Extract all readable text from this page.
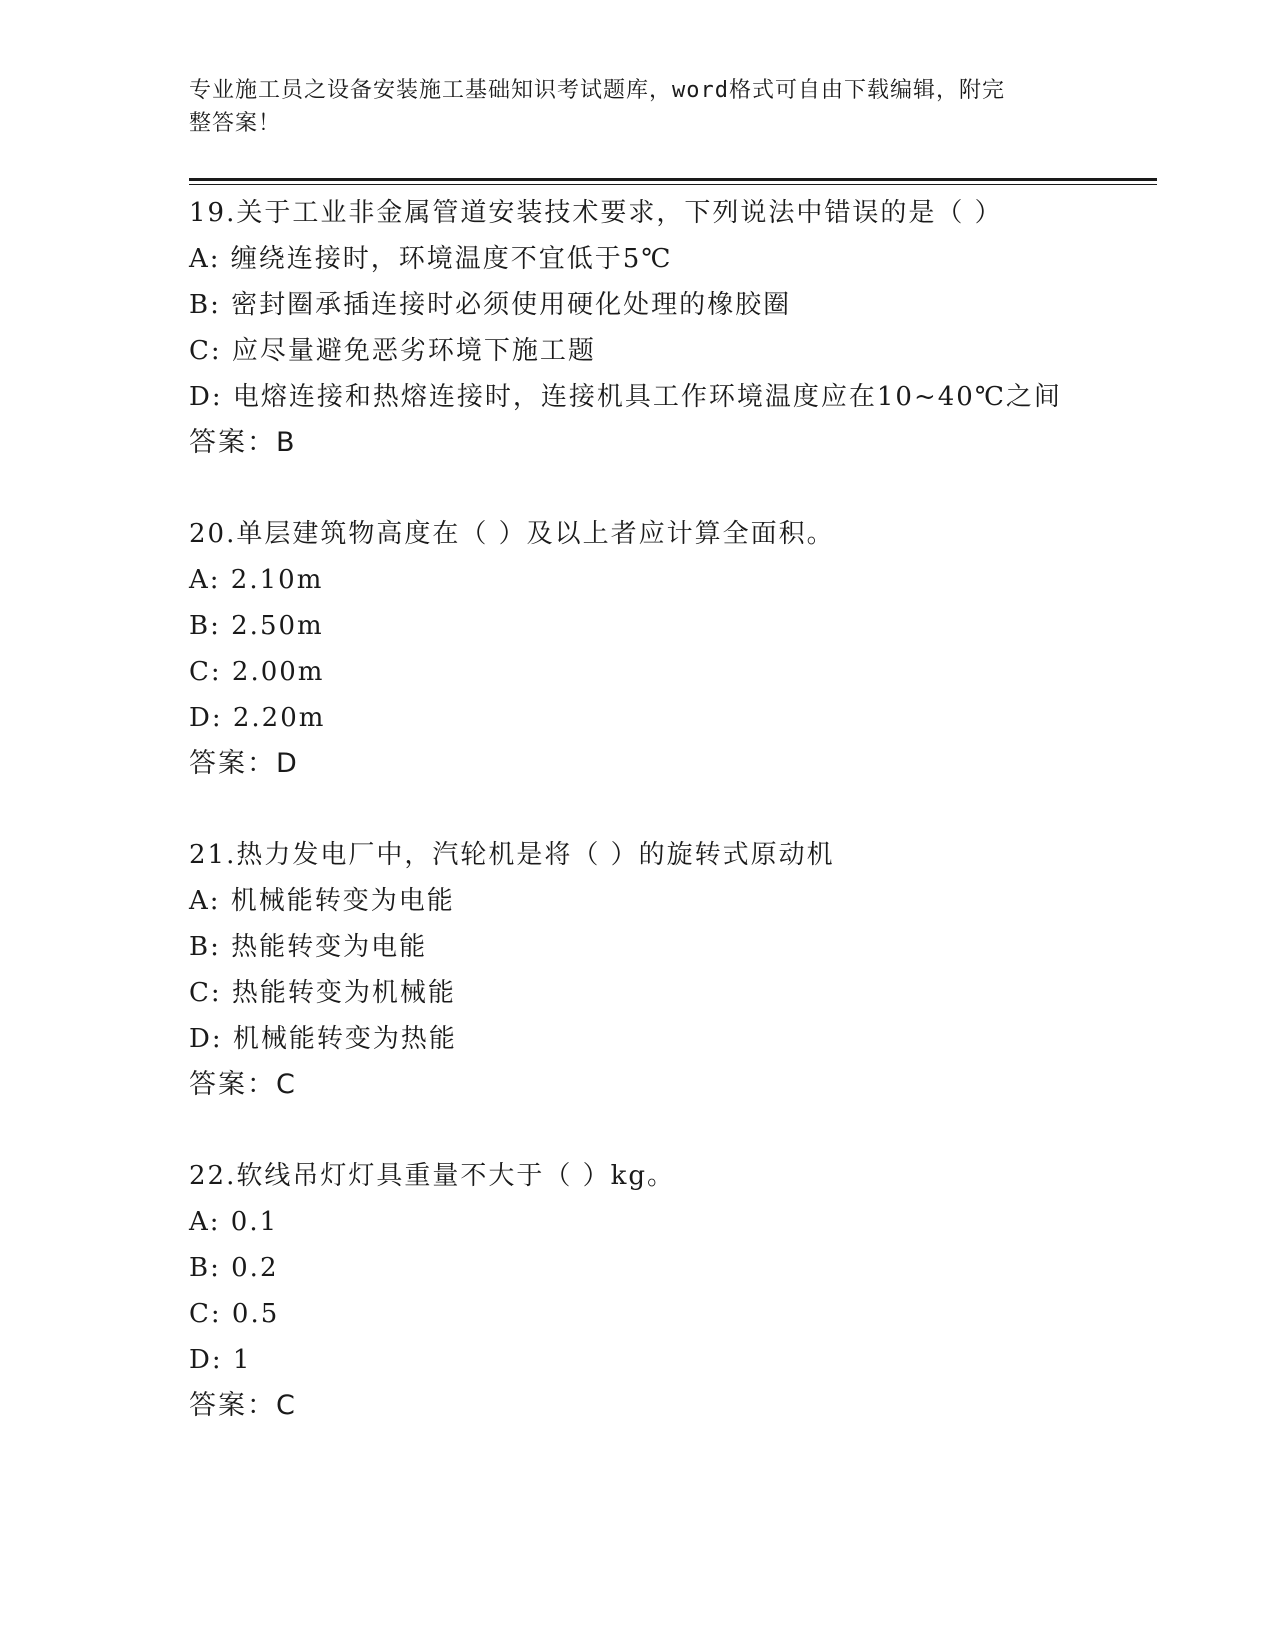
专业施工员之设备安装施工基础知识考试题库，word格式可自由下载编辑，附完
整答案！
19.关于工业非金属管道安装技术要求，下列说法中错误的是（ ）
A: 缠绕连接时，环境温度不宜低于5℃
B: 密封圈承插连接时必须使用硬化处理的橡胶圈
C: 应尽量避免恶劣环境下施工题
D: 电熔连接和热熔连接时，连接机具工作环境温度应在10~40℃之间
答案：B
20.单层建筑物高度在（ ）及以上者应计算全面积。
A: 2.10m
B: 2.50m
C: 2.00m
D: 2.20m
答案：D
21.热力发电厂中，汽轮机是将（ ）的旋转式原动机
A: 机械能转变为电能
B: 热能转变为电能
C: 热能转变为机械能
D: 机械能转变为热能
答案：C
22.软线吊灯灯具重量不大于（ ）kg。
A: 0.1
B: 0.2
C: 0.5
D: 1
答案：C
